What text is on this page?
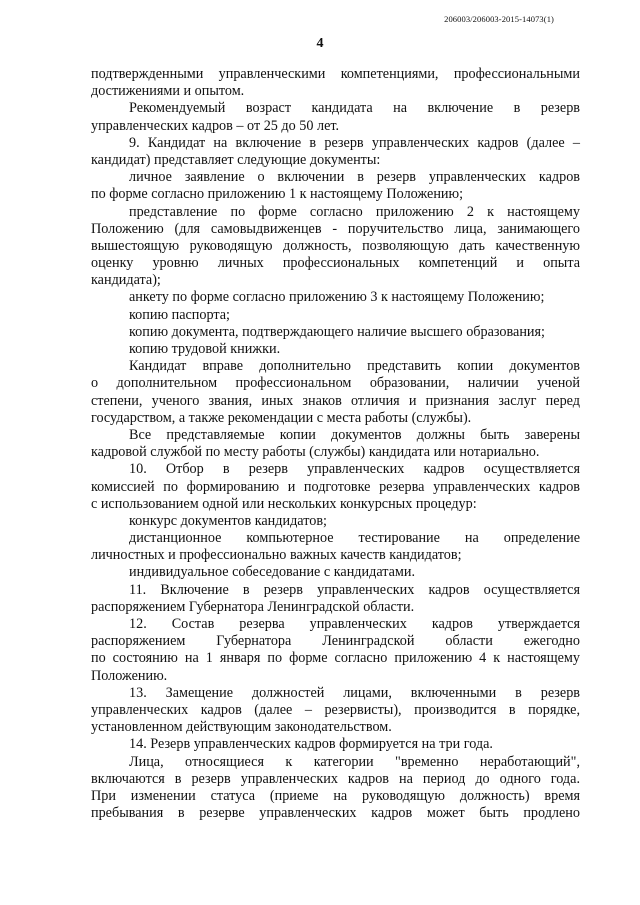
206003/206003-2015-14073(1)
4
подтвержденными управленческими компетенциями, профессиональными
достижениями и опытом.
Рекомендуемый возраст кандидата на включение в резерв
управленческих кадров – от 25 до 50 лет.
9. Кандидат на включение в резерв управленческих кадров (далее –
кандидат) представляет следующие документы:
личное заявление о включении в резерв управленческих кадров
по форме согласно приложению 1 к настоящему Положению;
представление по форме согласно приложению 2 к настоящему
Положению (для самовыдвиженцев - поручительство лица, занимающего
вышестоящую руководящую должность, позволяющую дать качественную
оценку уровню личных профессиональных компетенций и опыта
кандидата);
анкету по форме согласно приложению 3 к настоящему Положению;
копию паспорта;
копию документа, подтверждающего наличие высшего образования;
копию трудовой книжки.
Кандидат вправе дополнительно представить копии документов
о дополнительном профессиональном образовании, наличии ученой
степени, ученого звания, иных знаков отличия и признания заслуг перед
государством, а также рекомендации с места работы (службы).
Все представляемые копии документов должны быть заверены
кадровой службой по месту работы (службы) кандидата или нотариально.
10. Отбор в резерв управленческих кадров осуществляется
комиссией по формированию и подготовке резерва управленческих кадров
с использованием одной или нескольких конкурсных процедур:
конкурс документов кандидатов;
дистанционное компьютерное тестирование на определение
личностных и профессионально важных качеств кандидатов;
индивидуальное собеседование с кандидатами.
11. Включение в резерв управленческих кадров осуществляется
распоряжением Губернатора Ленинградской области.
12. Состав резерва управленческих кадров утверждается
распоряжением Губернатора Ленинградской области ежегодно
по состоянию на 1 января по форме согласно приложению 4 к настоящему
Положению.
13. Замещение должностей лицами, включенными в резерв
управленческих кадров (далее – резервисты), производится в порядке,
установленном действующим законодательством.
14. Резерв управленческих кадров формируется на три года.
Лица, относящиеся к категории "временно неработающий",
включаются в резерв управленческих кадров на период до одного года.
При изменении статуса (приеме на руководящую должность) время
пребывания в резерве управленческих кадров может быть продлено
